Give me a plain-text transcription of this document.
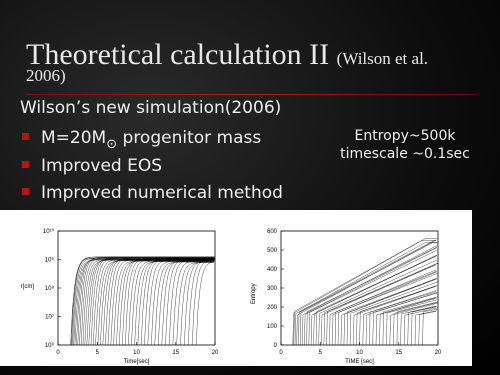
Theoretical calculation II (Wilson et al.
2006)
Wilson’s new simulation(2006)
$M=20M_⊙$ progenitor mass
Improved EOS
Improved numerical method
Entropy~500k
timescale ~0.1sec
0	5	10	15	20
10⁶
10⁷
10⁸
10⁹
10¹⁰
Time[sec]
r[cm]
0	5	10	15	20
0
100
200
300
400
500
600
TIME [sec]
Entropy
